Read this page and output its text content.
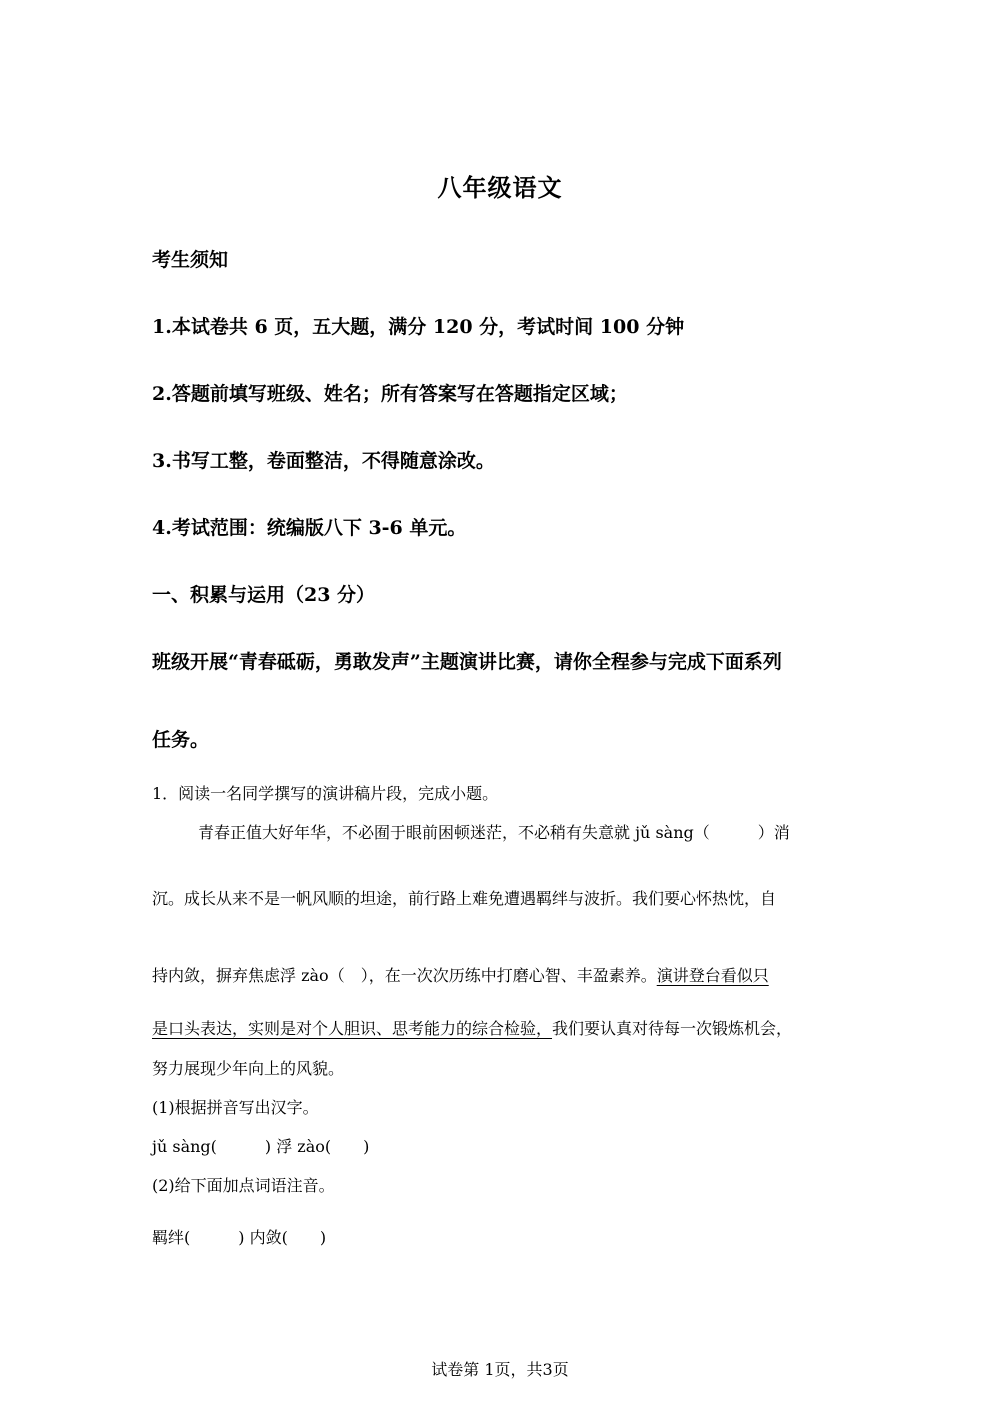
八年级语文
考生须知
1.本试卷共 6 页，五大题，满分 120 分，考试时间 100 分钟
2.答题前填写班级、姓名；所有答案写在答题指定区域；
3.书写工整，卷面整洁，不得随意涂改。
4.考试范围：统编版八下 3-6 单元。
一、积累与运用（23 分）
班级开展“青春砥砺，勇敢发声”主题演讲比赛，请你全程参与完成下面系列
任务。
1．阅读一名同学撰写的演讲稿片段，完成小题。
青春正值大好年华，不必囿于眼前困顿迷茫，不必稍有失意就 jǔ sàng（　　　）消
沉。成长从来不是一帆风顺的坦途，前行路上难免遭遇羁绊与波折。我们要心怀热忱，自
持内敛，摒弃焦虑浮 zào（　），在一次次历练中打磨心智、丰盈素养。演讲登台看似只
是口头表达，实则是对个人胆识、思考能力的综合检验，我们要认真对待每一次锻炼机会，
努力展现少年向上的风貌。
(1)根据拼音写出汉字。
jǔ sàng(　　　) 浮 zào(　　)
(2)给下面加点词语注音。
羁绊(　　　) 内敛(　　)
试卷第 1页，共3页
